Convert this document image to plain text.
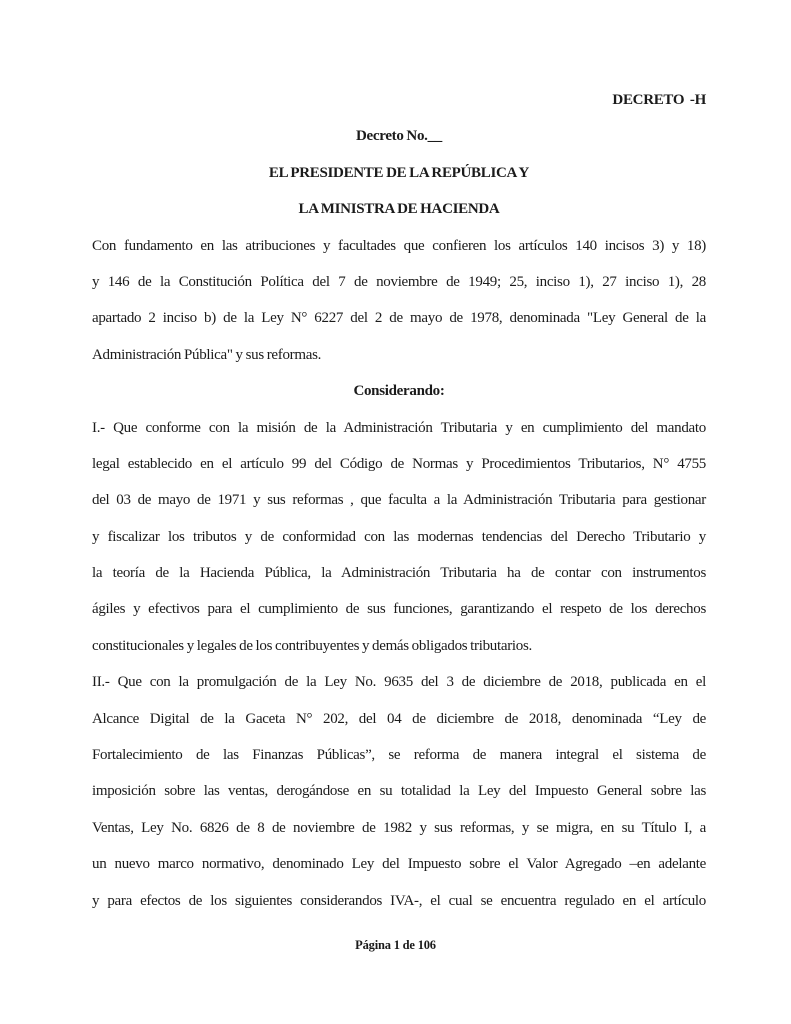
DECRETO  -H
Decreto No.__
EL PRESIDENTE DE LA REPÚBLICA Y
LA MINISTRA DE HACIENDA
Con fundamento en las atribuciones y facultades que confieren los artículos 140 incisos 3) y 18)
y 146 de la Constitución Política del 7 de noviembre de 1949; 25, inciso 1), 27 inciso 1), 28
apartado 2 inciso b) de la Ley N° 6227 del 2 de mayo de 1978, denominada "Ley General de la
Administración Pública" y sus reformas.
Considerando:
I.- Que conforme con la misión de la Administración Tributaria y en cumplimiento del mandato
legal establecido en el artículo 99 del Código de Normas y Procedimientos Tributarios, N° 4755
del 03 de mayo de 1971 y sus reformas , que faculta a la Administración Tributaria para gestionar
y fiscalizar los tributos y de conformidad con las modernas tendencias del Derecho Tributario y
la teoría de la Hacienda Pública, la Administración Tributaria ha de contar con instrumentos
ágiles y efectivos para el cumplimiento de sus funciones, garantizando el respeto de los derechos
constitucionales y legales de los contribuyentes y demás obligados tributarios.
II.- Que con la promulgación de la Ley No. 9635 del 3 de diciembre de 2018, publicada en el
Alcance Digital de la Gaceta N° 202, del 04 de diciembre de 2018, denominada “Ley de
Fortalecimiento de las Finanzas Públicas”, se reforma de manera integral el sistema de
imposición sobre las ventas, derogándose en su totalidad la Ley del Impuesto General sobre las
Ventas, Ley No. 6826 de 8 de noviembre de 1982 y sus reformas, y se migra, en su Título I, a
un nuevo marco normativo, denominado Ley del Impuesto sobre el Valor Agregado –en adelante
y para efectos de los siguientes considerandos IVA-, el cual se encuentra regulado en el artículo
Página 1 de 106
